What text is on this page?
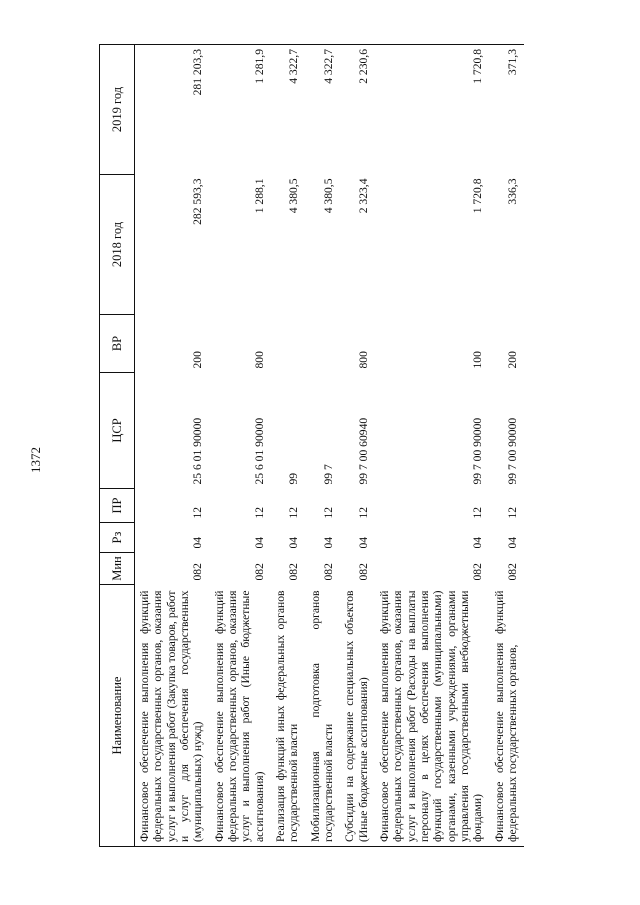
1372
Наименование	Мин	Рз	ПР	ЦСР	ВР	2018 год	2019 год
Финансовое обеспечение выполнения функций федеральных государственных органов, оказания услуг и выполнения работ (Закупка товаров, работ и услуг для обеспечения государственных (муниципальных) нужд)	082	04	12	25 6 01 90000	200	282 593,3	281 203,3
Финансовое обеспечение выполнения функций федеральных государственных органов, оказания услуг и выполнения работ (Иные бюджетные ассигнования)	082	04	12	25 6 01 90000	800	1 288,1	1 281,9
Реализация функций иных федеральных органов государственной власти	082	04	12	99		4 380,5	4 322,7
Мобилизационная подготовка органов государственной власти	082	04	12	99 7		4 380,5	4 322,7
Субсидии на содержание специальных объектов (Иные бюджетные ассигнования)	082	04	12	99 7 00 60940	800	2 323,4	2 230,6
Финансовое обеспечение выполнения функций федеральных государственных органов, оказания услуг и выполнения работ (Расходы на выплаты персоналу в целях обеспечения выполнения функций государственными (муниципальными) органами, казенными учреждениями, органами управления государственными внебюджетными фондами)	082	04	12	99 7 00 90000	100	1 720,8	1 720,8
Финансовое обеспечение выполнения функций федеральных государственных органов,	082	04	12	99 7 00 90000	200	336,3	371,3
